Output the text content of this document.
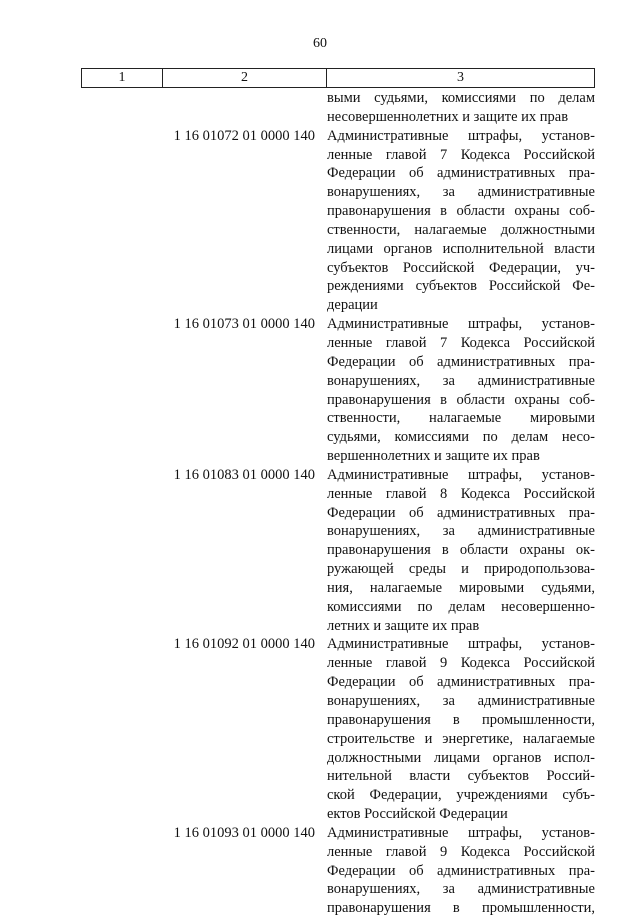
60
1	2	3
выми судьями, комиссиями по делам
несовершеннолетних и защите их прав
1 16 01072 01 0000 140 Административные штрафы, установ-
ленные главой 7 Кодекса Российской
Федерации об административных пра-
вонарушениях, за административные
правонарушения в области охраны соб-
ственности, налагаемые должностными
лицами органов исполнительной власти
субъектов Российской Федерации, уч-
реждениями субъектов Российской Фе-
дерации
1 16 01073 01 0000 140 Административные штрафы, установ-
ленные главой 7 Кодекса Российской
Федерации об административных пра-
вонарушениях, за административные
правонарушения в области охраны соб-
ственности, налагаемые мировыми
судьями, комиссиями по делам несо-
вершеннолетних и защите их прав
1 16 01083 01 0000 140 Административные штрафы, установ-
ленные главой 8 Кодекса Российской
Федерации об административных пра-
вонарушениях, за административные
правонарушения в области охраны ок-
ружающей среды и природопользова-
ния, налагаемые мировыми судьями,
комиссиями по делам несовершенно-
летних и защите их прав
1 16 01092 01 0000 140 Административные штрафы, установ-
ленные главой 9 Кодекса Российской
Федерации об административных пра-
вонарушениях, за административные
правонарушения в промышленности,
строительстве и энергетике, налагаемые
должностными лицами органов испол-
нительной власти субъектов Россий-
ской Федерации, учреждениями субъ-
ектов Российской Федерации
1 16 01093 01 0000 140 Административные штрафы, установ-
ленные главой 9 Кодекса Российской
Федерации об административных пра-
вонарушениях, за административные
правонарушения в промышленности,
